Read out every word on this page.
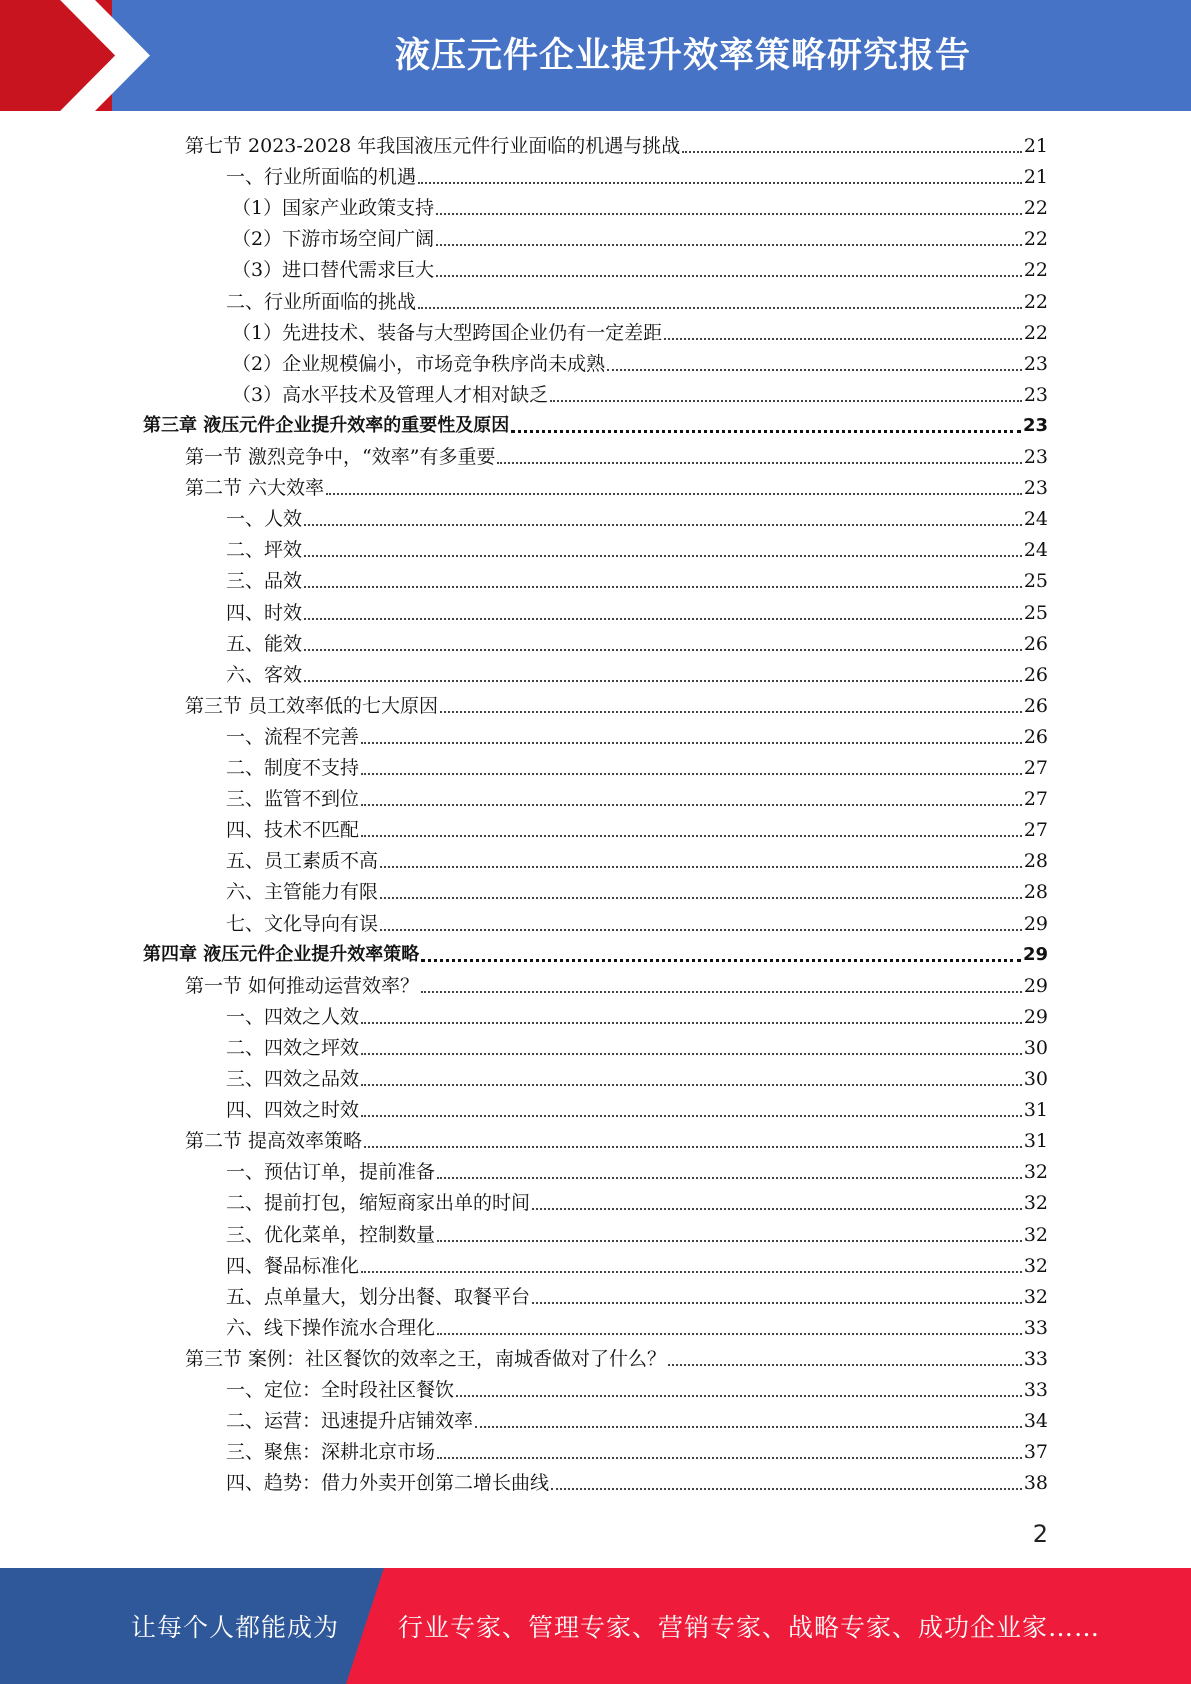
液压元件企业提升效率策略研究报告
第七节 2023-2028 年我国液压元件行业面临的机遇与挑战	21
一、行业所面临的机遇	21
（1）国家产业政策支持	22
（2）下游市场空间广阔	22
（3）进口替代需求巨大	22
二、行业所面临的挑战	22
（1）先进技术、装备与大型跨国企业仍有一定差距	22
（2）企业规模偏小，市场竞争秩序尚未成熟	23
（3）高水平技术及管理人才相对缺乏	23
第三章 液压元件企业提升效率的重要性及原因	23
第一节 激烈竞争中，“效率”有多重要	23
第二节 六大效率	23
一、人效	24
二、坪效	24
三、品效	25
四、时效	25
五、能效	26
六、客效	26
第三节 员工效率低的七大原因	26
一、流程不完善	26
二、制度不支持	27
三、监管不到位	27
四、技术不匹配	27
五、员工素质不高	28
六、主管能力有限	28
七、文化导向有误	29
第四章 液压元件企业提升效率策略	29
第一节 如何推动运营效率？	29
一、四效之人效	29
二、四效之坪效	30
三、四效之品效	30
四、四效之时效	31
第二节 提高效率策略	31
一、预估订单，提前准备	32
二、提前打包，缩短商家出单的时间	32
三、优化菜单，控制数量	32
四、餐品标准化	32
五、点单量大，划分出餐、取餐平台	32
六、线下操作流水合理化	33
第三节 案例：社区餐饮的效率之王，南城香做对了什么？	33
一、定位：全时段社区餐饮	33
二、运营：迅速提升店铺效率	34
三、聚焦：深耕北京市场	37
四、趋势：借力外卖开创第二增长曲线	38
2
让每个人都能成为	行业专家、管理专家、营销专家、战略专家、成功企业家……
